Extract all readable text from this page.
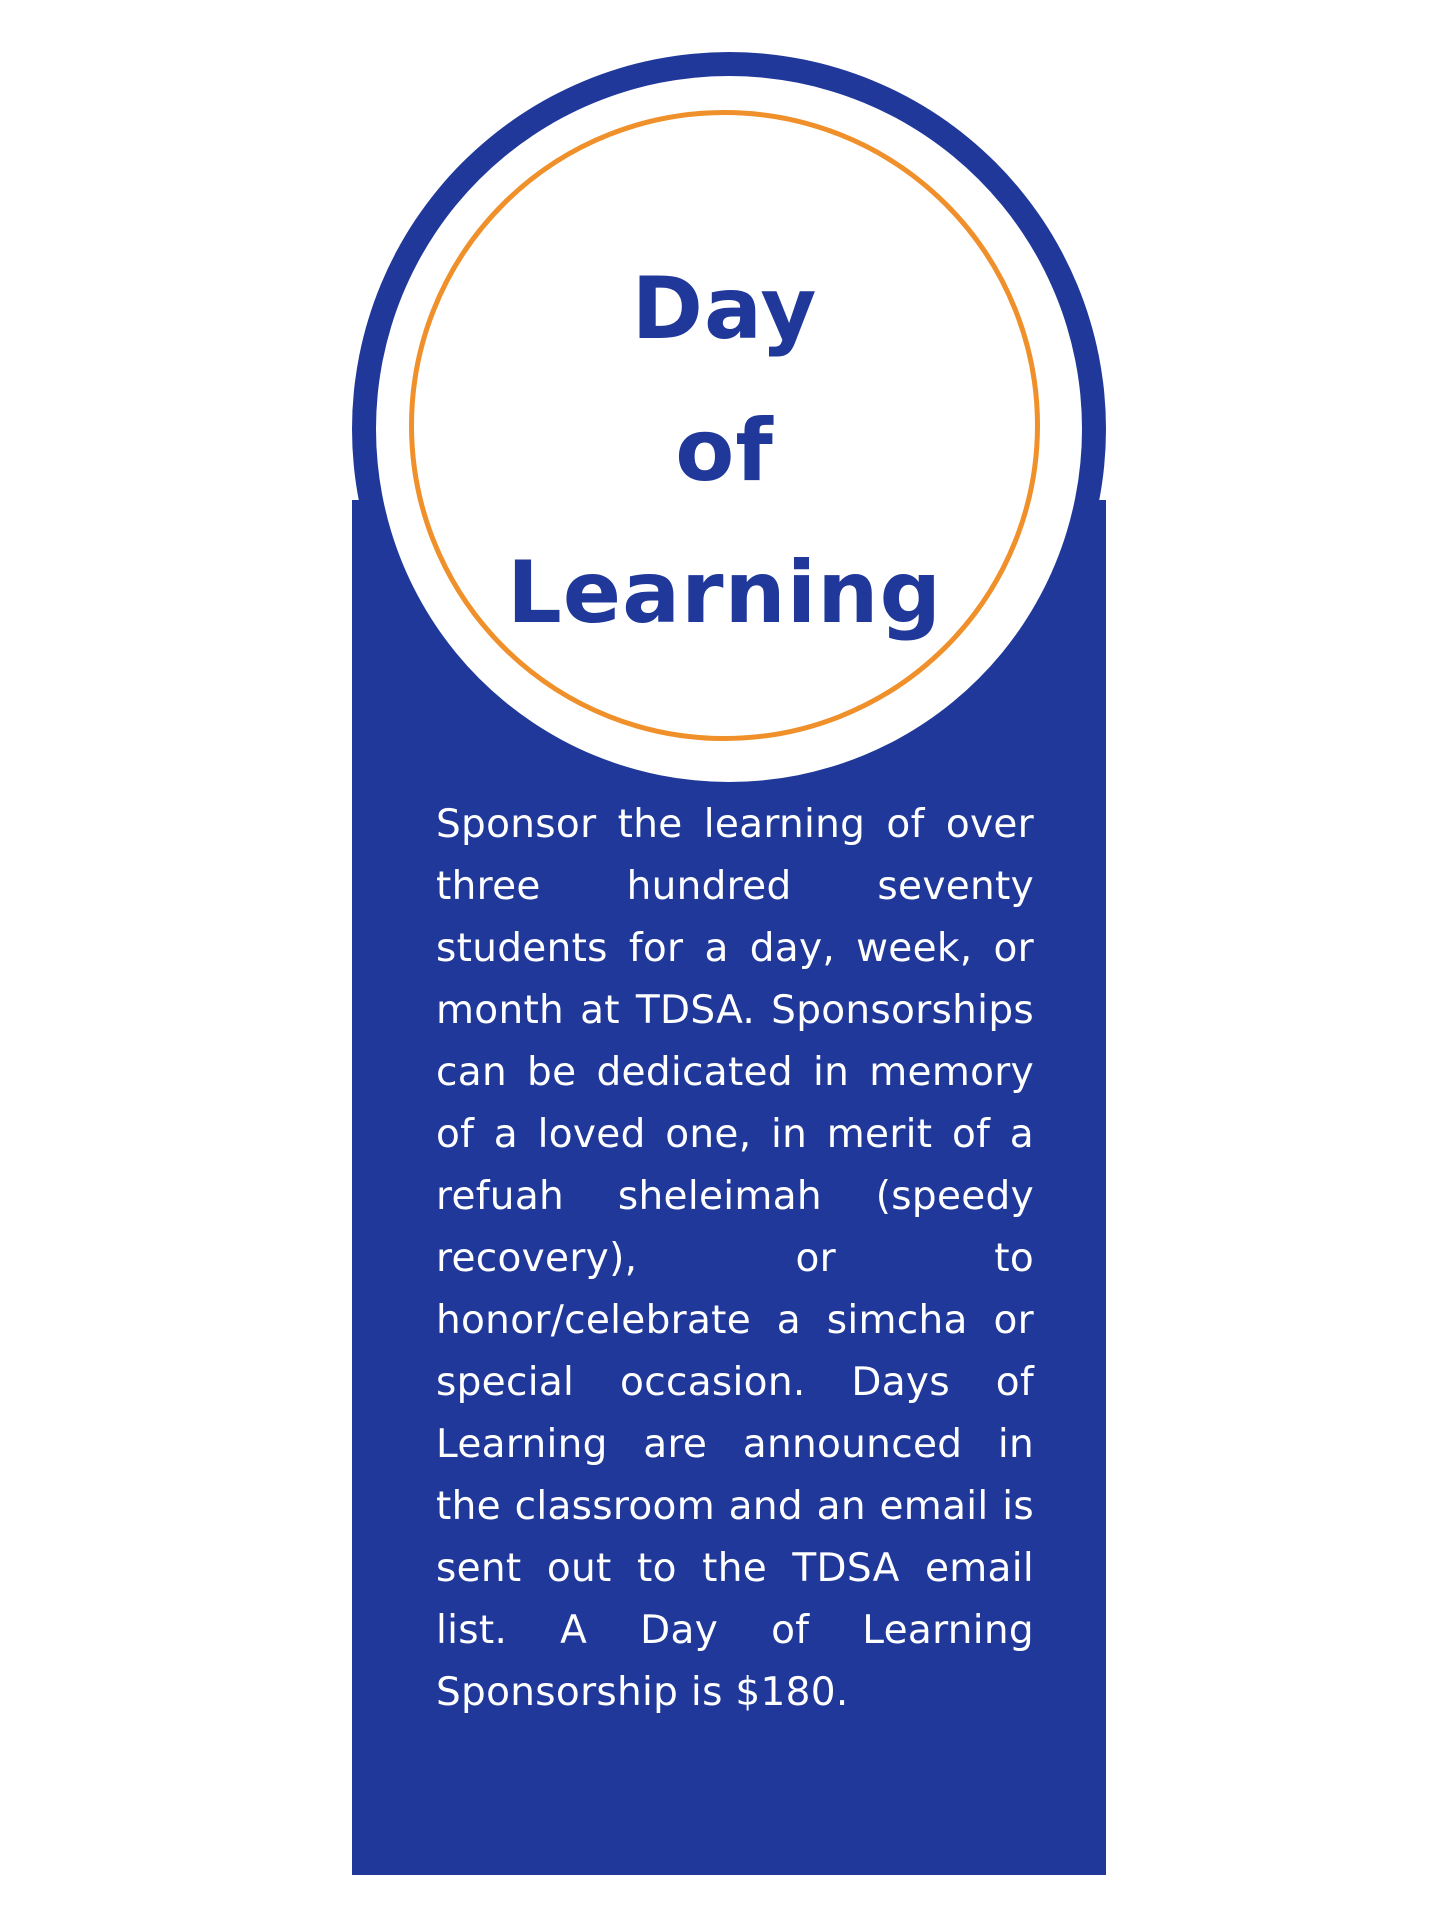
Day
of
Learning

Sponsor the learning of over three hundred seventy students for a day, week, or month at TDSA. Sponsorships can be dedicated in memory of a loved one, in merit of a refuah sheleimah (speedy recovery), or to honor/celebrate a simcha or special occasion. Days of Learning are announced in the classroom and an email is sent out to the TDSA email list. A Day of Learning Sponsorship is $180.
